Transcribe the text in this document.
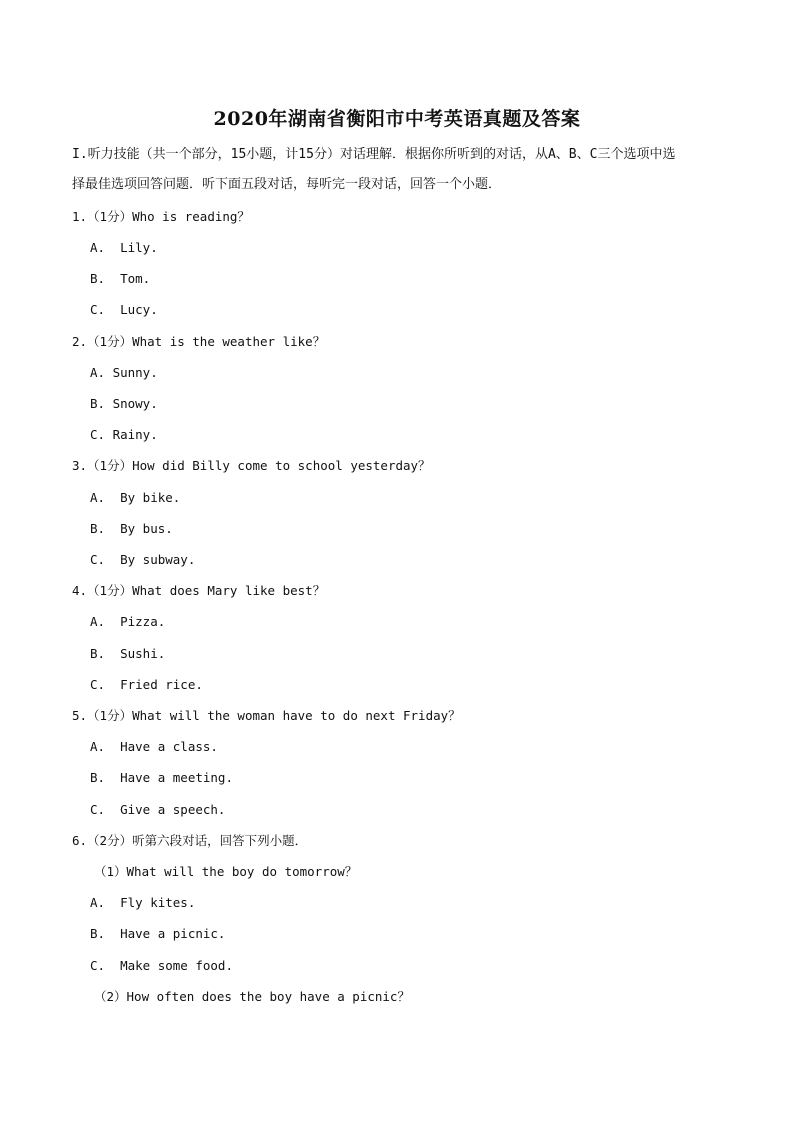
2020年湖南省衡阳市中考英语真题及答案
I.听力技能（共一个部分，15小题，计15分）对话理解．根据你所听到的对话，从A、B、C三个选项中选
择最佳选项回答问题．听下面五段对话，每听完一段对话，回答一个小题．
1.（1分）Who is reading？
A.  Lily.
B.  Tom.
C.  Lucy.
2.（1分）What is the weather like？
A. Sunny.
B. Snowy.
C. Rainy.
3.（1分）How did Billy come to school yesterday？
A.  By bike.
B.  By bus.
C.  By subway.
4.（1分）What does Mary like best？
A.  Pizza.
B.  Sushi.
C.  Fried rice.
5.（1分）What will the woman have to do next Friday？
A.  Have a class.
B.  Have a meeting.
C.  Give a speech.
6.（2分）听第六段对话，回答下列小题．
（1）What will the boy do tomorrow？
A.  Fly kites.
B.  Have a picnic.
C.  Make some food.
（2）How often does the boy have a picnic？
